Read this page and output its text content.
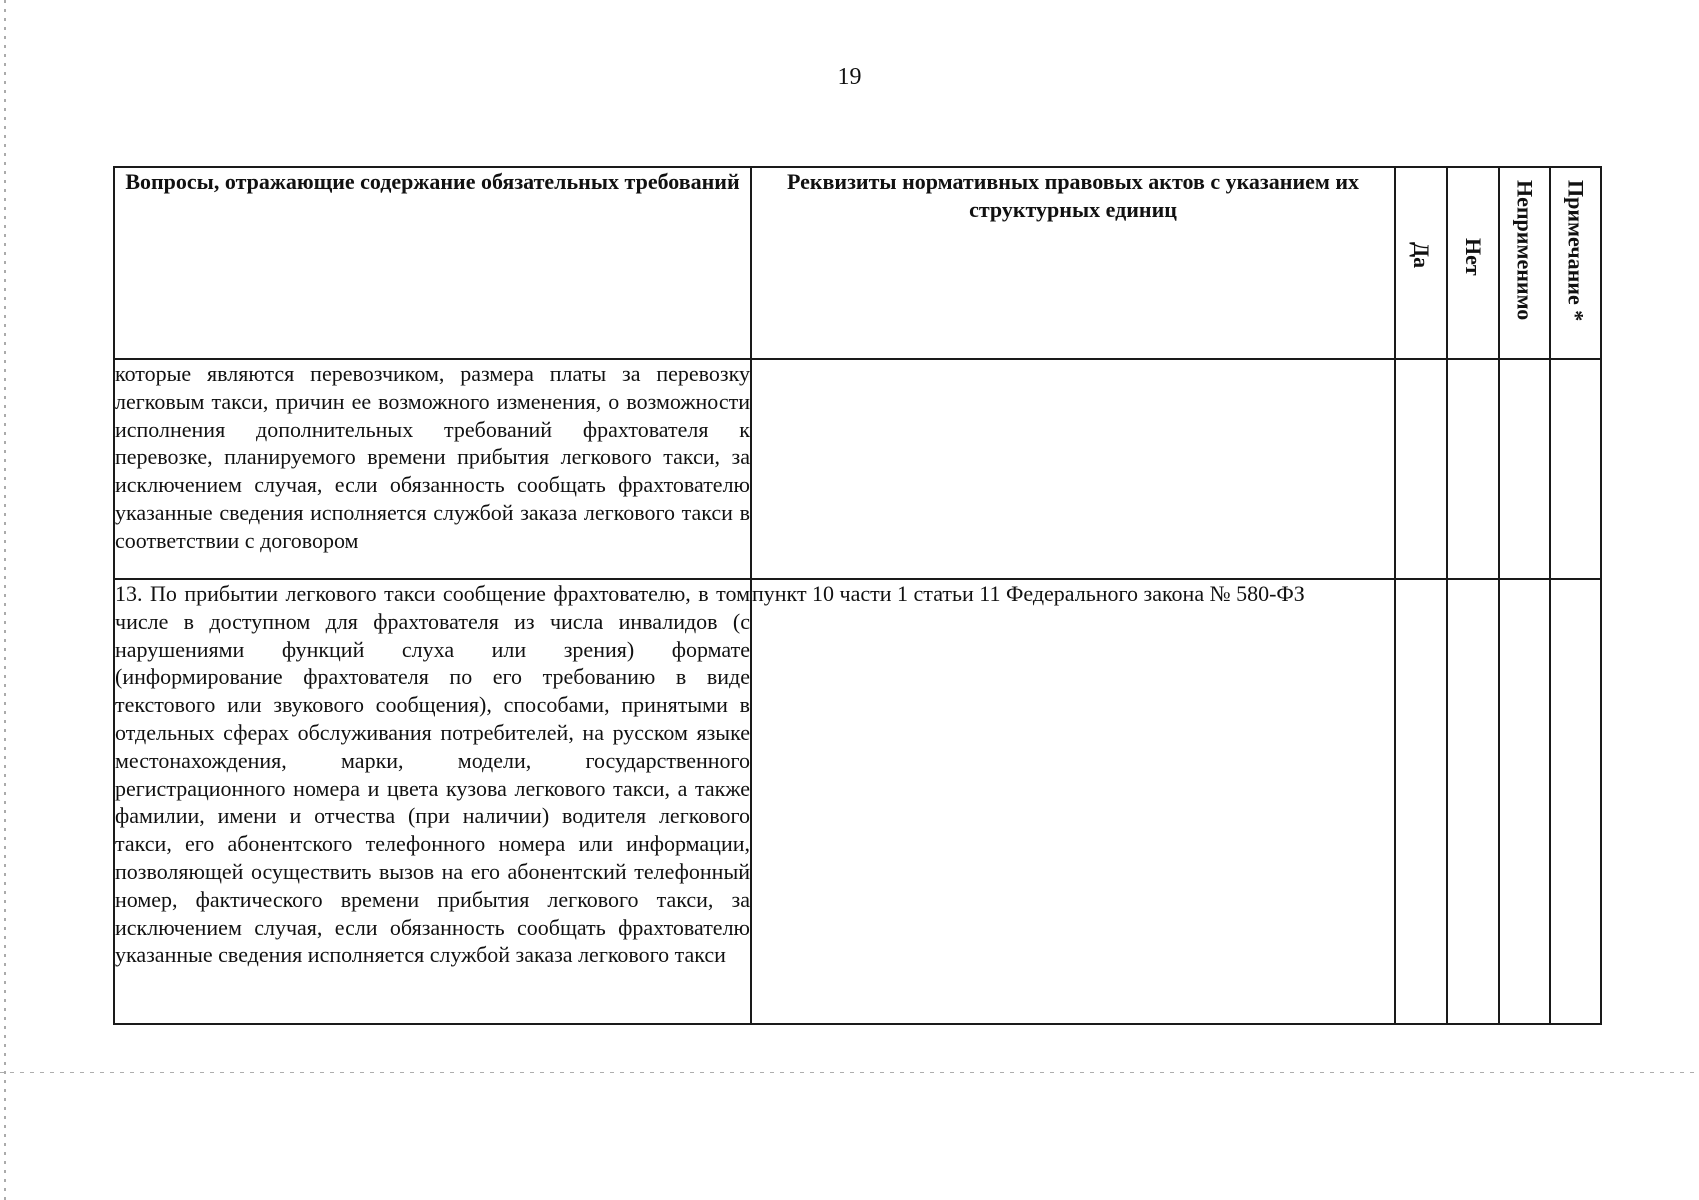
19
Вопросы, отражающие содержание обязательных требований	Реквизиты нормативных правовых актов с указанием их структурных единиц	Да	Нет	Неприменимо	Примечание *

которые являются перевозчиком, размера платы за перевозку легковым такси, причин ее возможного изменения, о возможности исполнения дополнительных требований фрахтователя к перевозке, планируемого времени прибытия легкового такси, за исключением случая, если обязанность сообщать фрахтователю указанные сведения исполняется службой заказа легкового такси в соответствии с договором					
13. По прибытии легкового такси сообщение фрахтователю, в том числе в доступном для фрахтователя из числа инвалидов (с нарушениями функций слуха или зрения) формате (информирование фрахтователя по его требованию в виде текстового или звукового сообщения), способами, принятыми в отдельных сферах обслуживания потребителей, на русском языке местонахождения, марки, модели, государственного регистрационного номера и цвета кузова легкового такси, а также фамилии, имени и отчества (при наличии) водителя легкового такси, его абонентского телефонного номера или информации, позволяющей осуществить вызов на его абонентский телефонный номер, фактического времени прибытия легкового такси, за исключением случая, если обязанность сообщать фрахтователю указанные сведения исполняется службой заказа легкового такси	пункт 10 части 1 статьи 11 Федерального закона № 580-ФЗ				
